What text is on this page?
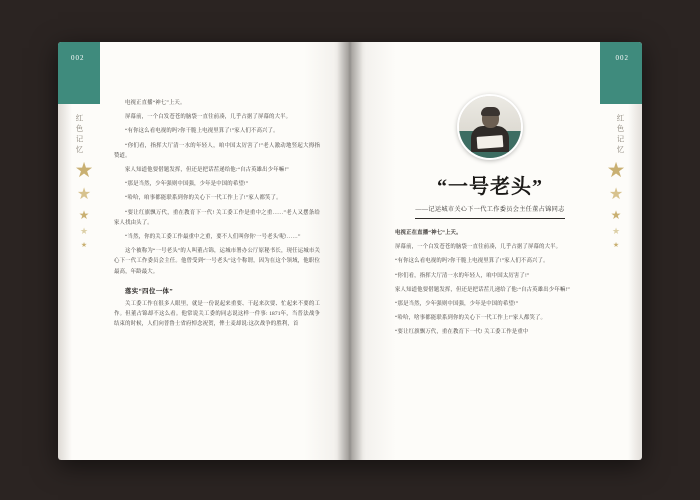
002
红色记忆
★
★
★
★
★

电视正直播“神七”上天。

屏幕前，一个白发苍苍的脑袋一直往前凑，几乎占据了屏幕的大半。

“有你这么看电视的吗?你干脆上电视里算了!”家人们不高兴了。

“你们看，指挥大厅清一水的年轻人，咱中国太厉害了!”老人激动地竖起大拇指赞道。

家人知道他要借题发挥，但还是把话茬递给他:“自古英雄出少年嘛!”

“那是当然，少年强则中国强，少年是中国的希望!”

“哈哈，咱事都能联系到你的关心下一代工作上了!”家人都笑了。

“要让红旗飘万代，重在教育下一代! 关工委工作是重中之重……”老人又摆条给家人找由头了。

“当然，你的关工委工作最重中之重，要不人们叫你你'一号老头'呢!……”

这个被称为“一号老头”的人叫董占锦，运城市署办公厅原秘书长，现任运城市关心下一代工作委员会主任。他曾受到“一号老头”这个称谓，因为在这个领域，他职位最高，年龄最大。

落实“四位一体”

关工委工作在很多人眼里，就是一份说起来重要、干起来次要、忙起来不要的工作。但董占锦却不这么看。他常说关工委的同志说这样一件事: 1871年，当普法战争结束的时候，人们向普鲁士省府悼念祝贺，俾士麦却说:这次战争的胜利，首

002
红色记忆
★
★
★
★
★
“一号老头”
——记运城市关心下一代工作委员会主任董占锦同志

电视正在直播“神七”上天。

屏幕前，一个白发苍苍的脑袋一直往前凑，几乎占据了屏幕的大半。

“有你这么看电视的吗?你干脆上电视里算了!”家人们不高兴了。

“你们看，指挥大厅清一水的年轻人，咱中国太厉害了!”

家人知道他要借题发挥，但还是把话茬儿递给了他:“自古英雄出少年嘛!”

“那是当然，少年强则中国强，少年是中国的希望!”

“哈哈，啥事都能联系到你的关心下一代工作上!”家人都笑了。

“要让红旗飘万代，重在教育下一代! 关工委工作是重中
